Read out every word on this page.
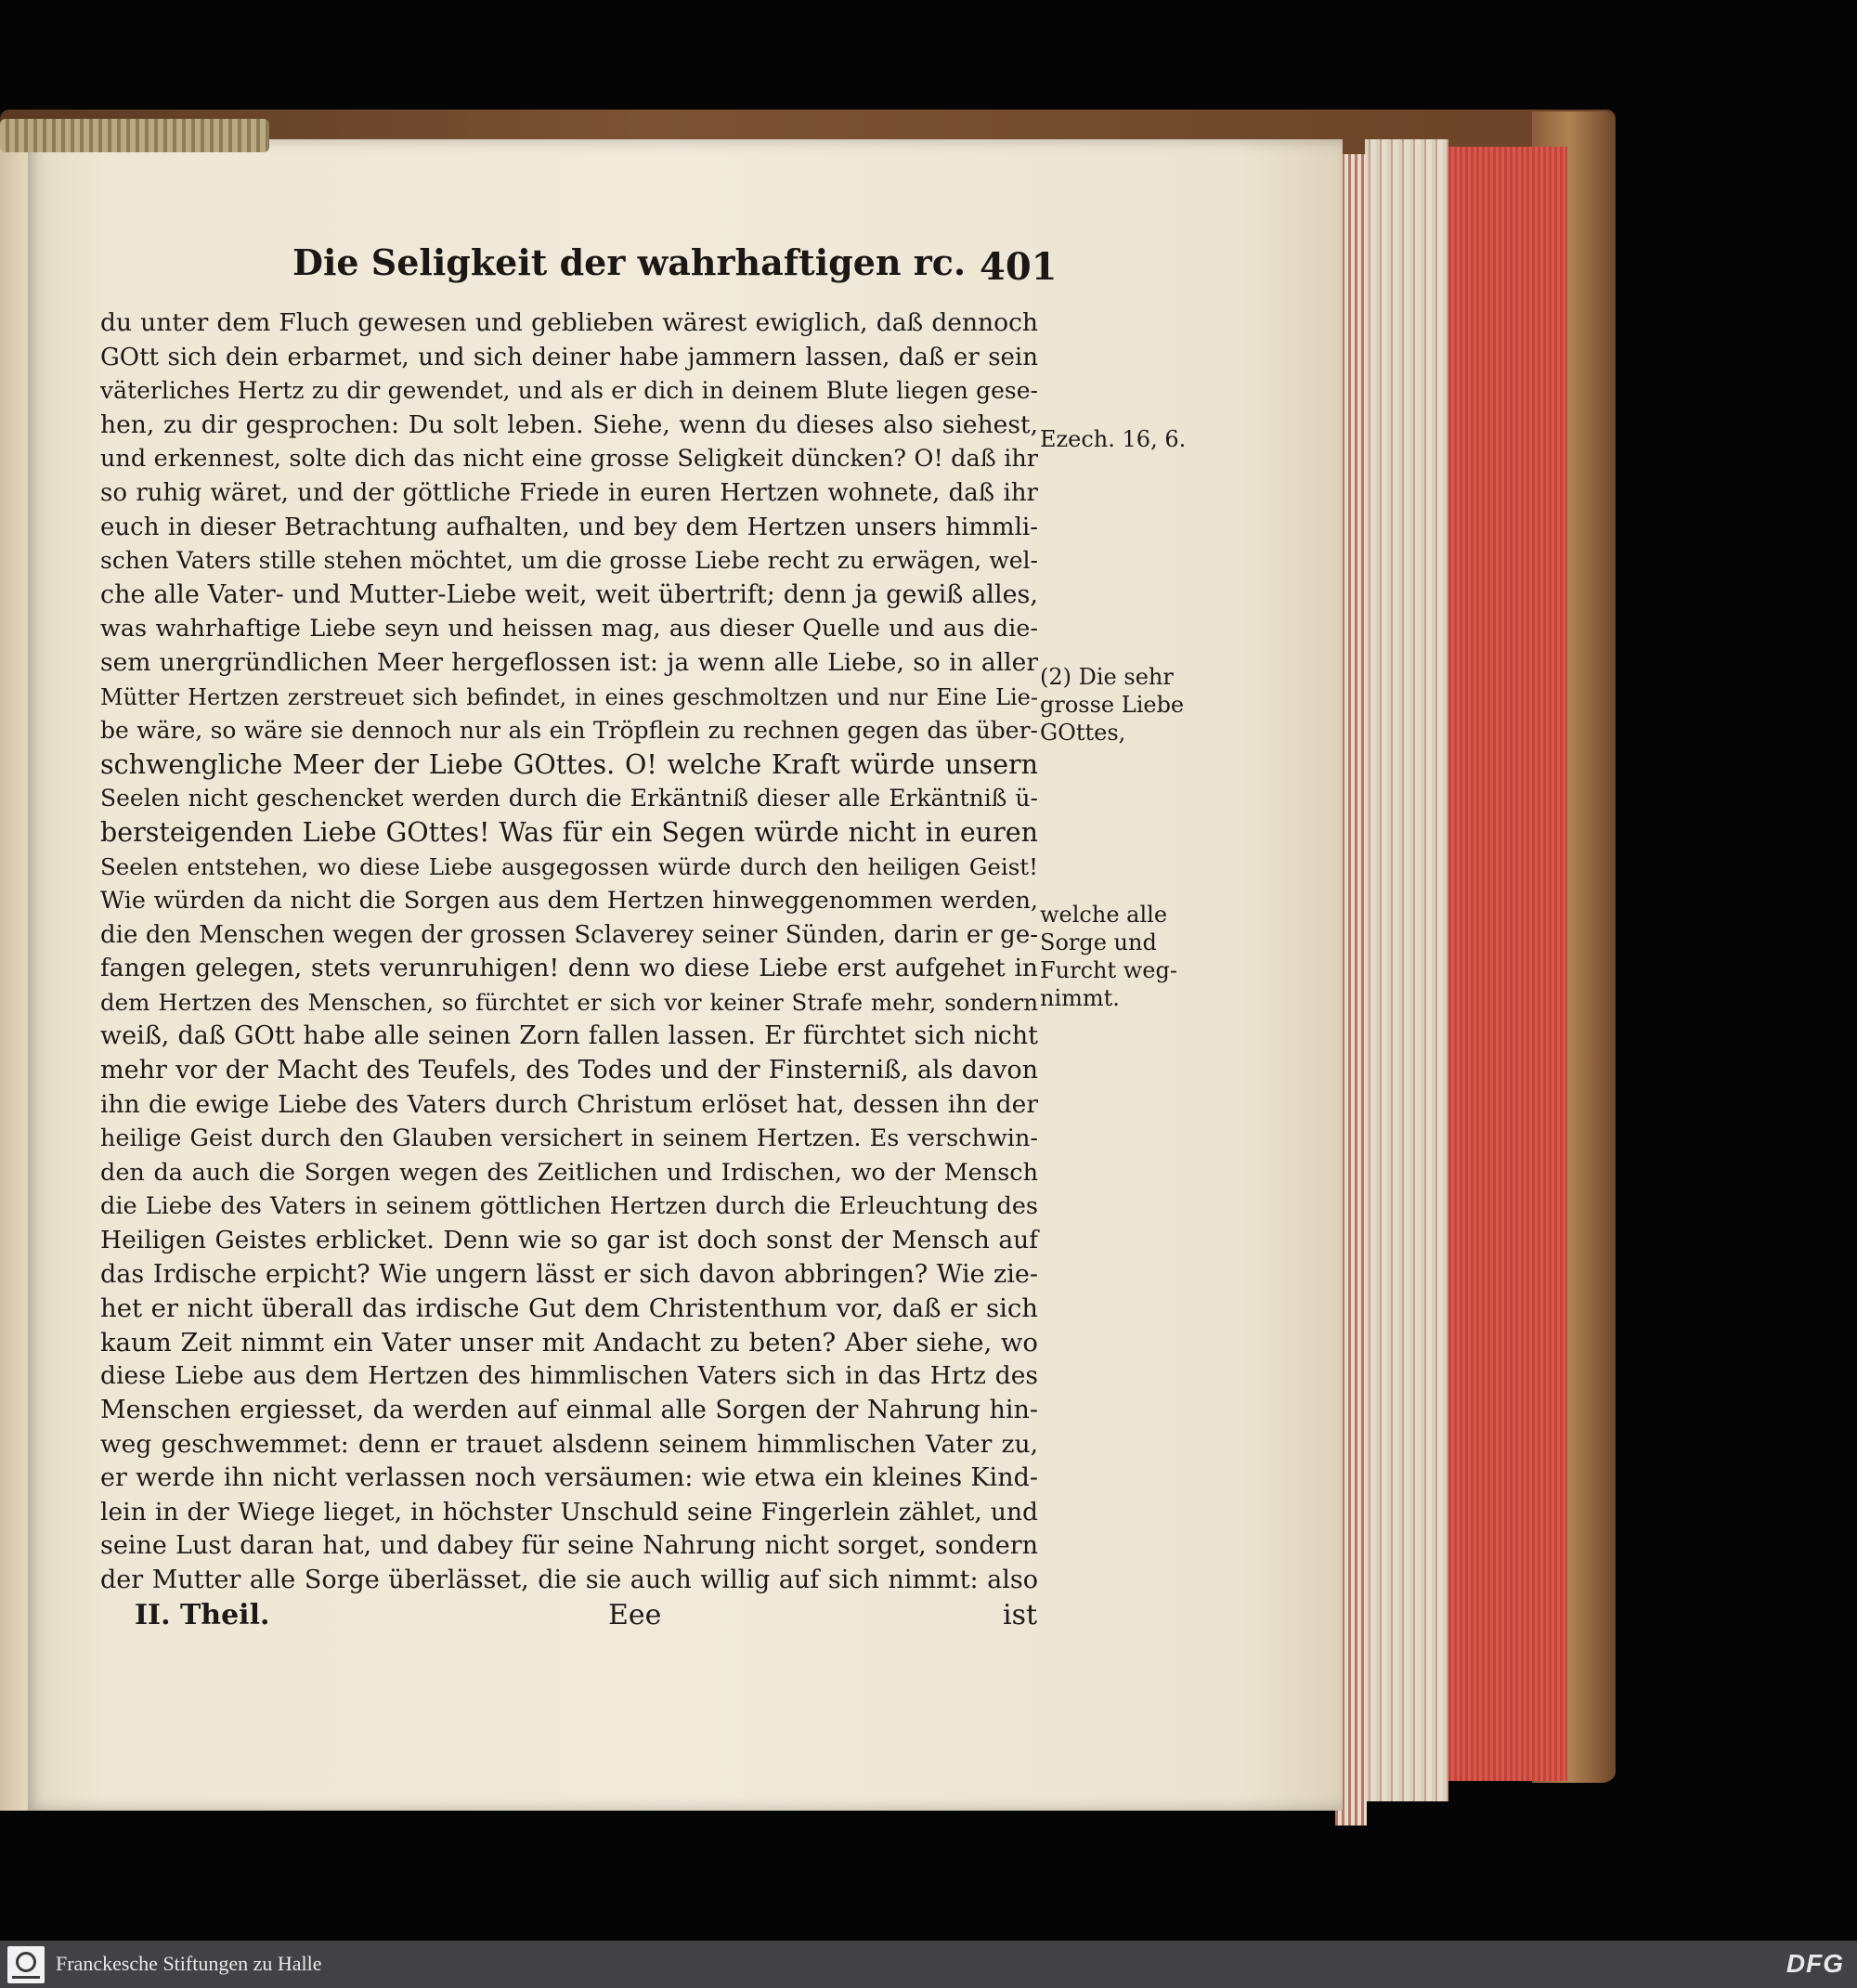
Die Seligkeit der wahrhaftigen rc. 401
du unter dem Fluch gewesen und geblieben wärest ewiglich, daß dennoch
GOtt sich dein erbarmet, und sich deiner habe jammern lassen, daß er sein
väterliches Hertz zu dir gewendet, und als er dich in deinem Blute liegen gese-
hen, zu dir gesprochen: Du solt leben. Siehe, wenn du dieses also siehest,
und erkennest, solte dich das nicht eine grosse Seligkeit düncken? O! daß ihr
so ruhig wäret, und der göttliche Friede in euren Hertzen wohnete, daß ihr
euch in dieser Betrachtung aufhalten, und bey dem Hertzen unsers himmli-
schen Vaters stille stehen möchtet, um die grosse Liebe recht zu erwägen, wel-
che alle Vater- und Mutter-Liebe weit, weit übertrift; denn ja gewiß alles,
was wahrhaftige Liebe seyn und heissen mag, aus dieser Quelle und aus die-
sem unergründlichen Meer hergeflossen ist: ja wenn alle Liebe, so in aller
Mütter Hertzen zerstreuet sich befindet, in eines geschmoltzen und nur Eine Lie-
be wäre, so wäre sie dennoch nur als ein Tröpflein zu rechnen gegen das über-
schwengliche Meer der Liebe GOttes. O! welche Kraft würde unsern
Seelen nicht geschencket werden durch die Erkäntniß dieser alle Erkäntniß ü-
bersteigenden Liebe GOttes! Was für ein Segen würde nicht in euren
Seelen entstehen, wo diese Liebe ausgegossen würde durch den heiligen Geist!
Wie würden da nicht die Sorgen aus dem Hertzen hinweggenommen werden,
die den Menschen wegen der grossen Sclaverey seiner Sünden, darin er ge-
fangen gelegen, stets verunruhigen! denn wo diese Liebe erst aufgehet in
dem Hertzen des Menschen, so fürchtet er sich vor keiner Strafe mehr, sondern
weiß, daß GOtt habe alle seinen Zorn fallen lassen. Er fürchtet sich nicht
mehr vor der Macht des Teufels, des Todes und der Finsterniß, als davon
ihn die ewige Liebe des Vaters durch Christum erlöset hat, dessen ihn der
heilige Geist durch den Glauben versichert in seinem Hertzen. Es verschwin-
den da auch die Sorgen wegen des Zeitlichen und Irdischen, wo der Mensch
die Liebe des Vaters in seinem göttlichen Hertzen durch die Erleuchtung des
Heiligen Geistes erblicket. Denn wie so gar ist doch sonst der Mensch auf
das Irdische erpicht? Wie ungern lässt er sich davon abbringen? Wie zie-
het er nicht überall das irdische Gut dem Christenthum vor, daß er sich
kaum Zeit nimmt ein Vater unser mit Andacht zu beten? Aber siehe, wo
diese Liebe aus dem Hertzen des himmlischen Vaters sich in das Hrtz des
Menschen ergiesset, da werden auf einmal alle Sorgen der Nahrung hin-
weg geschwemmet: denn er trauet alsdenn seinem himmlischen Vater zu,
er werde ihn nicht verlassen noch versäumen: wie etwa ein kleines Kind-
lein in der Wiege lieget, in höchster Unschuld seine Fingerlein zählet, und
seine Lust daran hat, und dabey für seine Nahrung nicht sorget, sondern
der Mutter alle Sorge überlässet, die sie auch willig auf sich nimmt: also
Ezech. 16, 6.
(2) Die sehr
grosse Liebe
GOttes,
welche alle
Sorge und
Furcht weg-
nimmt.
II. Theil.	Eee	ist
Franckesche Stiftungen zu Halle	DFG
